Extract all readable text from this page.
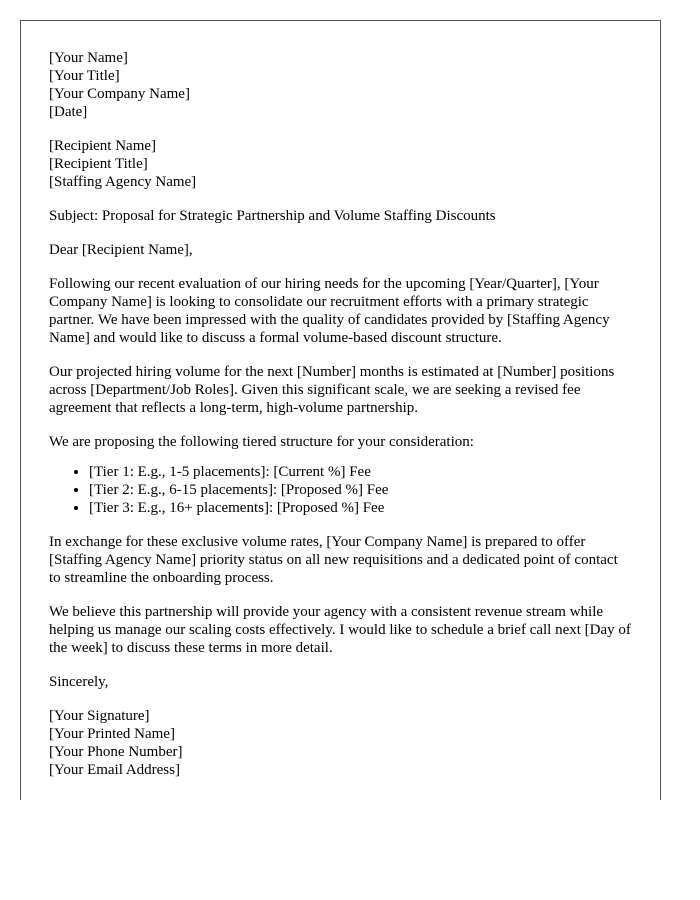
[Your Name]

[Your Title]

[Your Company Name]

[Date]

[Recipient Name]

[Recipient Title]

[Staffing Agency Name]

Subject: Proposal for Strategic Partnership and Volume Staffing Discounts

Dear [Recipient Name],

Following our recent evaluation of our hiring needs for the upcoming [Year/Quarter], [Your Company Name] is looking to consolidate our recruitment efforts with a primary strategic partner. We have been impressed with the quality of candidates provided by [Staffing Agency Name] and would like to discuss a formal volume-based discount structure.

Our projected hiring volume for the next [Number] months is estimated at [Number] positions across [Department/Job Roles]. Given this significant scale, we are seeking a revised fee agreement that reflects a long-term, high-volume partnership.

We are proposing the following tiered structure for your consideration:

• [Tier 1: E.g., 1-5 placements]: [Current %] Fee
• [Tier 2: E.g., 6-15 placements]: [Proposed %] Fee
• [Tier 3: E.g., 16+ placements]: [Proposed %] Fee

In exchange for these exclusive volume rates, [Your Company Name] is prepared to offer [Staffing Agency Name] priority status on all new requisitions and a dedicated point of contact to streamline the onboarding process.

We believe this partnership will provide your agency with a consistent revenue stream while helping us manage our scaling costs effectively. I would like to schedule a brief call next [Day of the week] to discuss these terms in more detail.

Sincerely,

[Your Signature]

[Your Printed Name]

[Your Phone Number]

[Your Email Address]
